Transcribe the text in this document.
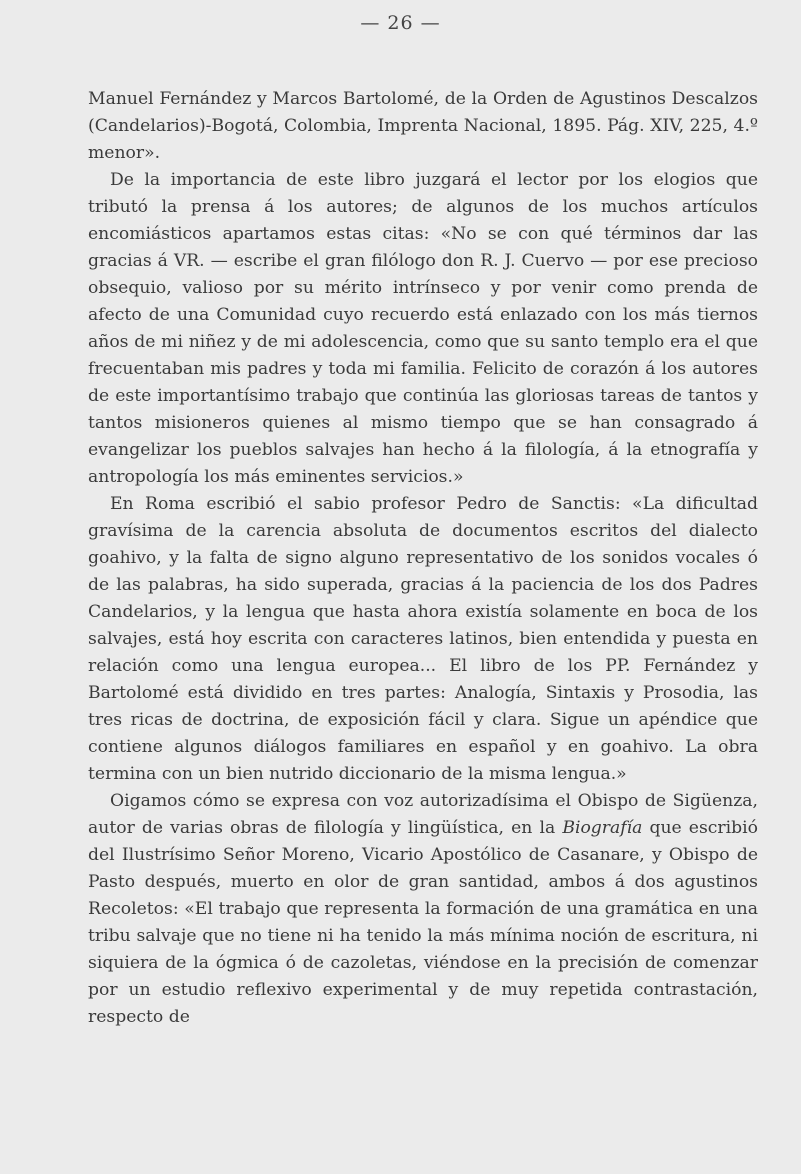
— 26 —

Manuel Fernández y Marcos Bartolomé, de la Orden de Agustinos Descalzos (Candelarios)-Bogotá, Colombia, Imprenta Nacional, 1895. Pág. XIV, 225, 4.º menor».

De la importancia de este libro juzgará el lector por los elogios que tributó la prensa á los autores; de algunos de los muchos artículos encomiásticos apartamos estas citas: «No se con qué términos dar las gracias á VR. — escribe el gran filólogo don R. J. Cuervo — por ese precioso obsequio, valioso por su mérito intrínseco y por venir como prenda de afecto de una Comunidad cuyo recuerdo está enlazado con los más tiernos años de mi niñez y de mi adolescencia, como que su santo templo era el que frecuentaban mis padres y toda mi familia. Felicito de corazón á los autores de este importantísimo trabajo que continúa las gloriosas tareas de tantos y tantos misioneros quienes al mismo tiempo que se han consagrado á evangelizar los pueblos salvajes han hecho á la filología, á la etnografía y antropología los más eminentes servicios.»

En Roma escribió el sabio profesor Pedro de Sanctis: «La dificultad gravísima de la carencia absoluta de documentos escritos del dialecto goahivo, y la falta de signo alguno representativo de los sonidos vocales ó de las palabras, ha sido superada, gracias á la paciencia de los dos Padres Candelarios, y la lengua que hasta ahora existía solamente en boca de los salvajes, está hoy escrita con caracteres latinos, bien entendida y puesta en relación como una lengua europea... El libro de los PP. Fernández y Bartolomé está dividido en tres partes: Analogía, Sintaxis y Prosodia, las tres ricas de doctrina, de exposición fácil y clara. Sigue un apéndice que contiene algunos diálogos familiares en español y en goahivo. La obra termina con un bien nutrido diccionario de la misma lengua.»

Oigamos cómo se expresa con voz autorizadísima el Obispo de Sigüenza, autor de varias obras de filología y lingüística, en la Biografía que escribió del Ilustrísimo Señor Moreno, Vicario Apostólico de Casanare, y Obispo de Pasto después, muerto en olor de gran santidad, ambos á dos agustinos Recoletos: «El trabajo que representa la formación de una gramática en una tribu salvaje que no tiene ni ha tenido la más mínima noción de escritura, ni siquiera de la ógmica ó de cazoletas, viéndose en la precisión de comenzar por un estudio reflexivo experimental y de muy repetida contrastación, respecto de
